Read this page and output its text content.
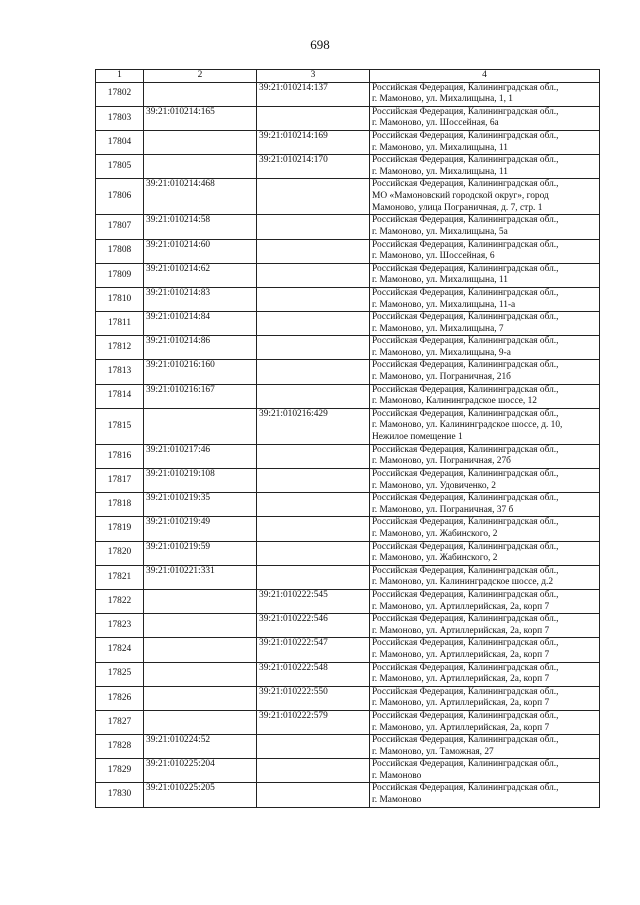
698
1	2	3	4
17802		39:21:010214:137	Российская Федерация, Калининградская обл.,
г. Мамоново, ул. Михалищына, 1, 1

17803	39:21:010214:165		Российская Федерация, Калининградская обл.,
г. Мамоново, ул. Шоссейная, 6а

17804		39:21:010214:169	Российская Федерация, Калининградская обл.,
г. Мамоново, ул. Михалищына, 11

17805		39:21:010214:170	Российская Федерация, Калининградская обл.,
г. Мамоново, ул. Михалищына, 11

17806	39:21:010214:468		Российская Федерация, Калининградская обл.,
МО «Мамоновский городской округ», город
Мамоново, улица Пограничная, д. 7, стр. 1

17807	39:21:010214:58		Российская Федерация, Калининградская обл.,
г. Мамоново, ул. Михалищына, 5а

17808	39:21:010214:60		Российская Федерация, Калининградская обл.,
г. Мамоново, ул. Шоссейная, 6

17809	39:21:010214:62		Российская Федерация, Калининградская обл.,
г. Мамоново, ул. Михалищына, 11

17810	39:21:010214:83		Российская Федерация, Калининградская обл.,
г. Мамоново, ул. Михалищына, 11-а

17811	39:21:010214:84		Российская Федерация, Калининградская обл.,
г. Мамоново, ул. Михалищына, 7

17812	39:21:010214:86		Российская Федерация, Калининградская обл.,
г. Мамоново, ул. Михалищына, 9-а

17813	39:21:010216:160		Российская Федерация, Калининградская обл.,
г. Мамоново, ул. Пограничная, 21б

17814	39:21:010216:167		Российская Федерация, Калининградская обл.,
г. Мамоново, Калининградское шоссе, 12

17815		39:21:010216:429	Российская Федерация, Калининградская обл.,
г. Мамоново, ул. Калининградское шоссе, д. 10,
Нежилое помещение 1

17816	39:21:010217:46		Российская Федерация, Калининградская обл.,
г. Мамоново, ул. Пограничная, 27б

17817	39:21:010219:108		Российская Федерация, Калининградская обл.,
г. Мамоново, ул. Удовиченко, 2

17818	39:21:010219:35		Российская Федерация, Калининградская обл.,
г. Мамоново, ул. Пограничная, 37 б

17819	39:21:010219:49		Российская Федерация, Калининградская обл.,
г. Мамоново, ул. Жабинского, 2

17820	39:21:010219:59		Российская Федерация, Калининградская обл.,
г. Мамоново, ул. Жабинского, 2

17821	39:21:010221:331		Российская Федерация, Калининградская обл.,
г. Мамоново, ул. Калининградское шоссе, д.2

17822		39:21:010222:545	Российская Федерация, Калининградская обл.,
г. Мамоново, ул. Артиллерийская, 2а, корп 7

17823		39:21:010222:546	Российская Федерация, Калининградская обл.,
г. Мамоново, ул. Артиллерийская, 2а, корп 7

17824		39:21:010222:547	Российская Федерация, Калининградская обл.,
г. Мамоново, ул. Артиллерийская, 2а, корп 7

17825		39:21:010222:548	Российская Федерация, Калининградская обл.,
г. Мамоново, ул. Артиллерийская, 2а, корп 7

17826		39:21:010222:550	Российская Федерация, Калининградская обл.,
г. Мамоново, ул. Артиллерийская, 2а, корп 7

17827		39:21:010222:579	Российская Федерация, Калининградская обл.,
г. Мамоново, ул. Артиллерийская, 2а, корп 7

17828	39:21:010224:52		Российская Федерация, Калининградская обл.,
г. Мамоново, ул. Таможная, 27

17829	39:21:010225:204		Российская Федерация, Калининградская обл.,
г. Мамоново

17830	39:21:010225:205		Российская Федерация, Калининградская обл.,
г. Мамоново
